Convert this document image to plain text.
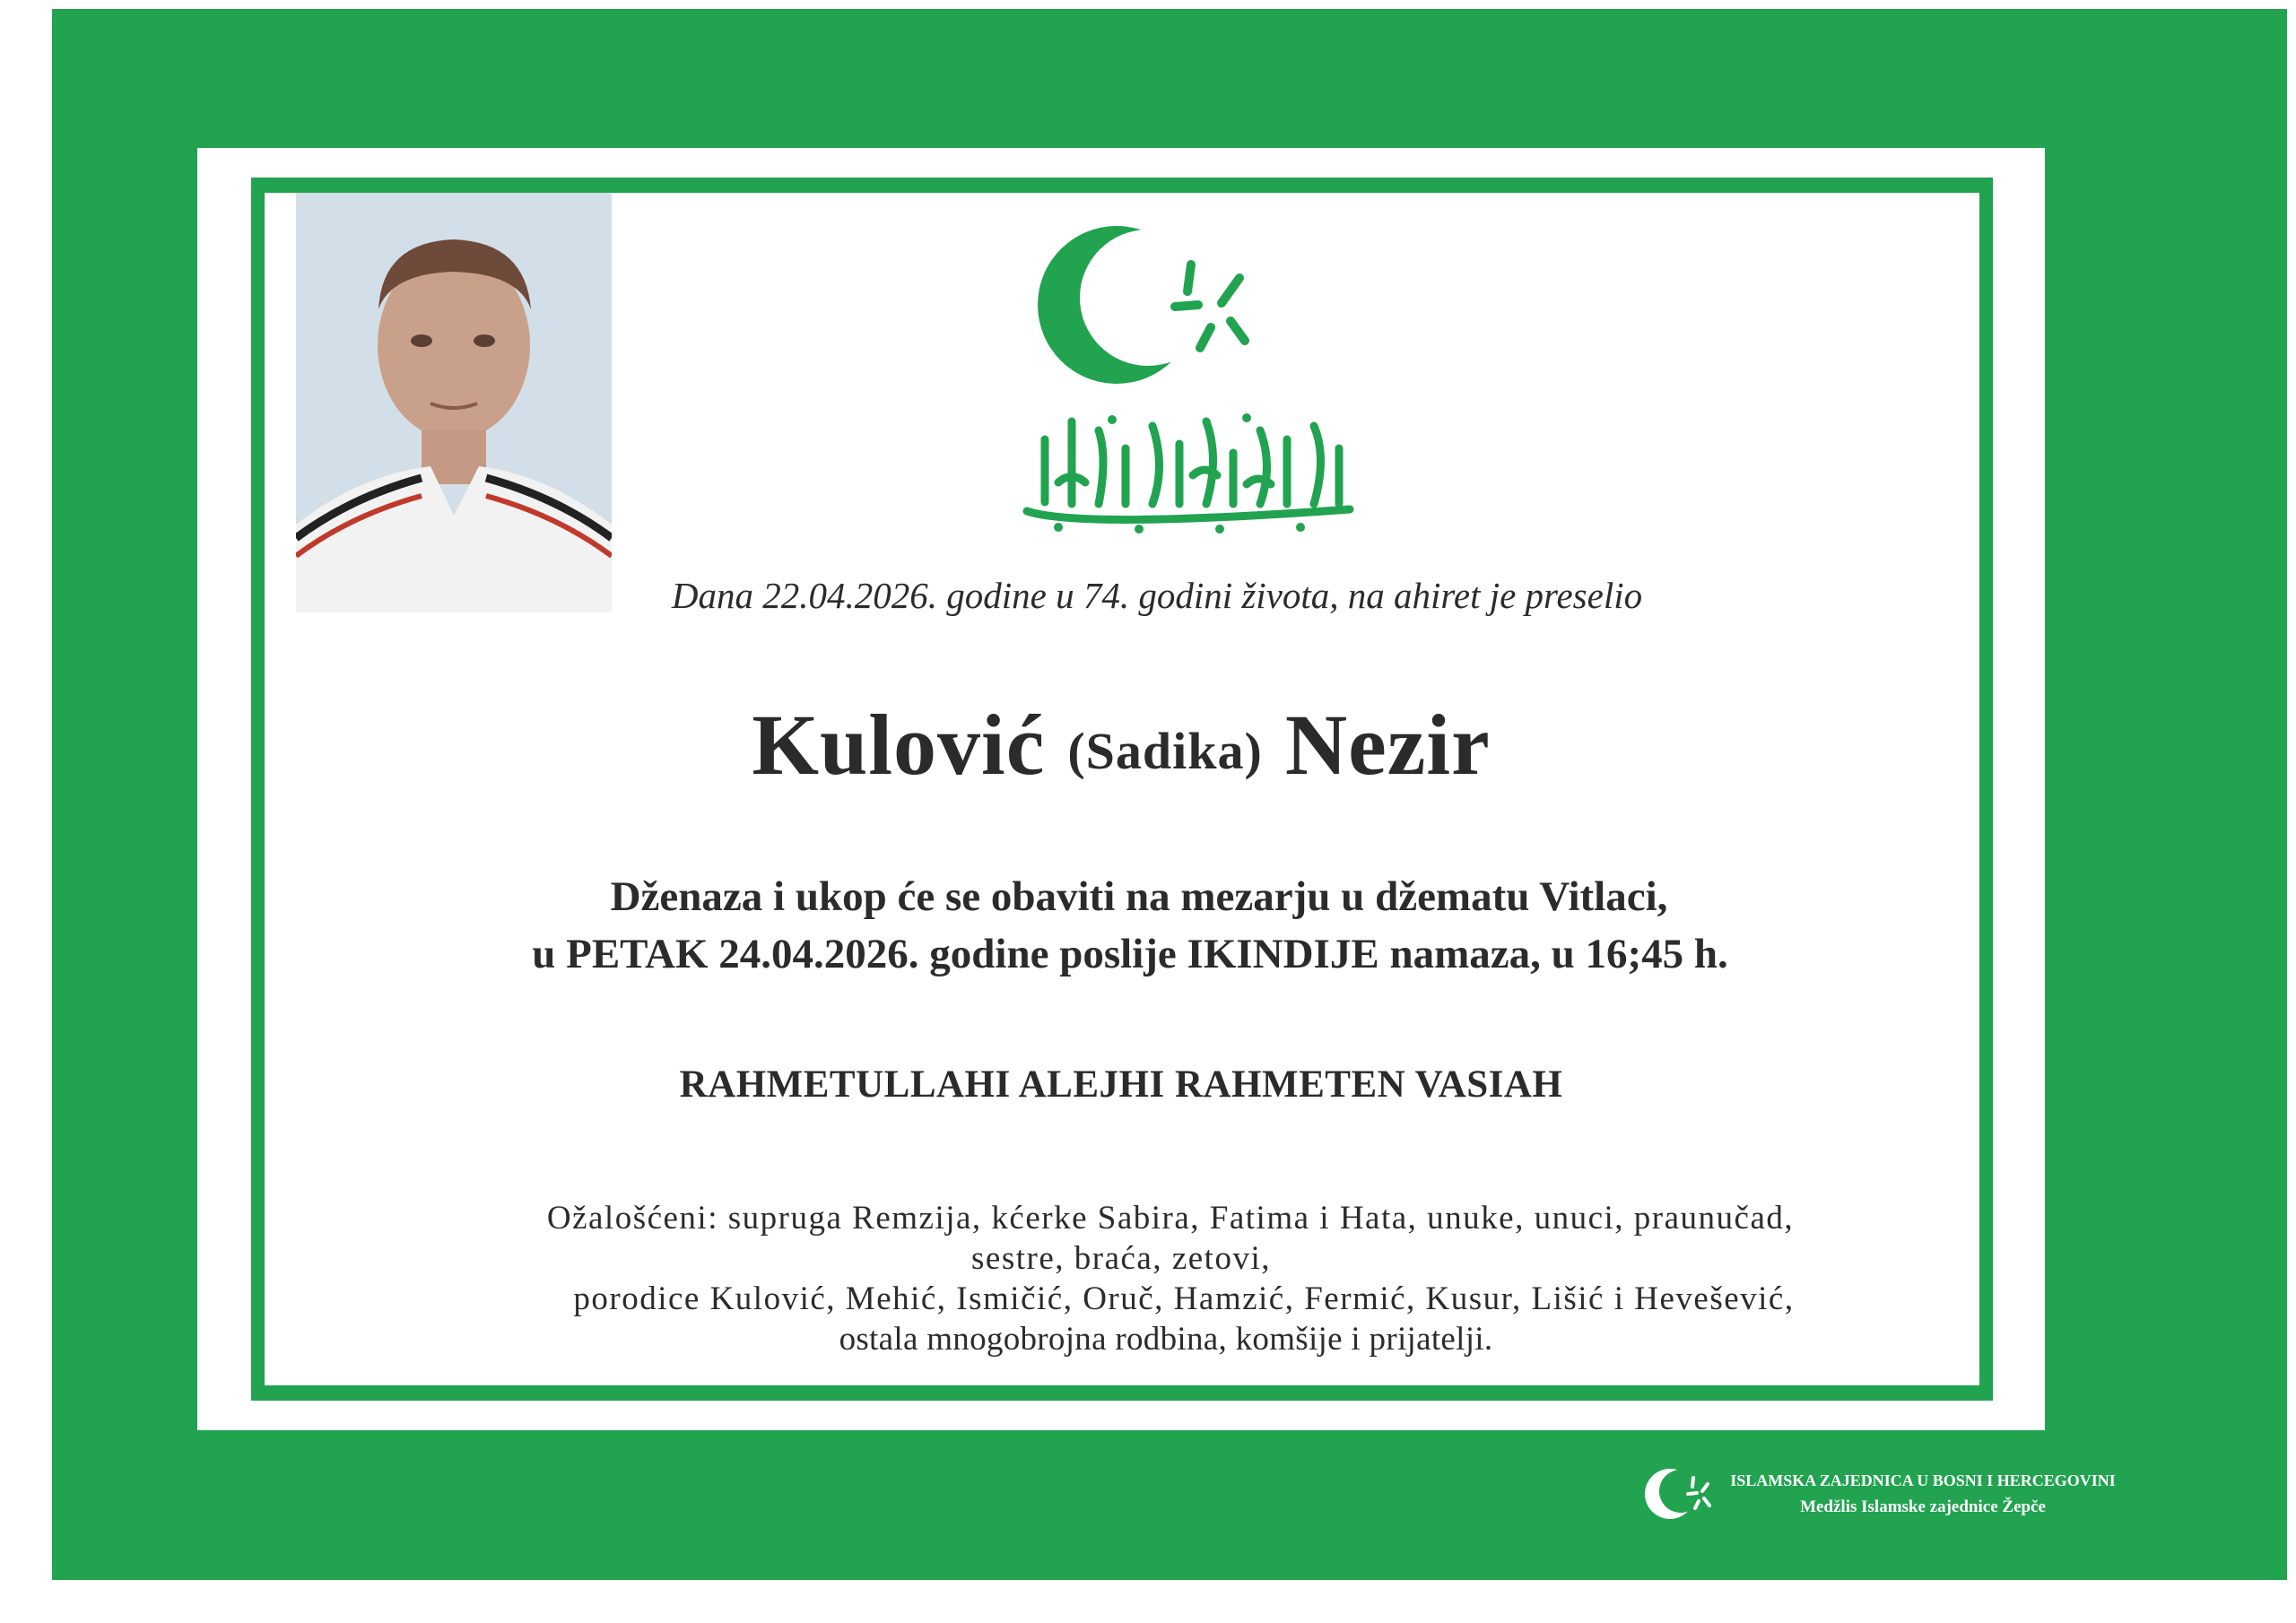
Dana 22.04.2026. godine u 74. godini života, na ahiret je preselio
Kulović (Sadika) Nezir
Dženaza i ukop će se obaviti na mezarju u džematu Vitlaci,
u PETAK 24.04.2026. godine poslije IKINDIJE namaza, u 16;45 h.
RAHMETULLAHI ALEJHI RAHMETEN VASIAH
Ožalošćeni: supruga Remzija, kćerke Sabira, Fatima i Hata, unuke, unuci, praunučad,
sestre, braća, zetovi,
porodice Kulović, Mehić, Ismičić, Oruč, Hamzić, Fermić, Kusur, Lišić i Hevešević,
ostala mnogobrojna rodbina, komšije i prijatelji.
ISLAMSKA ZAJEDNICA U BOSNI I HERCEGOVINI
Medžlis Islamske zajednice Žepče
